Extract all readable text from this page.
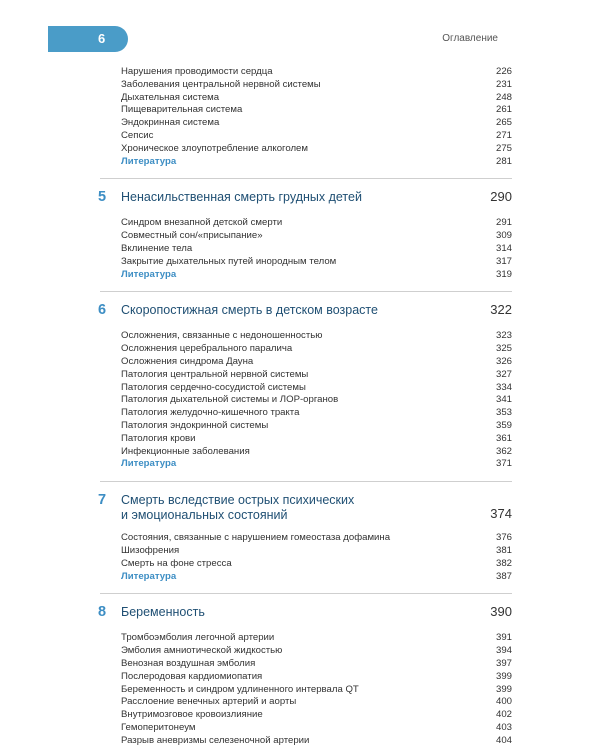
6	Оглавление
Нарушения проводимости сердца	226
Заболевания центральной нервной системы	231
Дыхательная система	248
Пищеварительная система	261
Эндокринная система	265
Сепсис	271
Хроническое злоупотребление алкоголем	275
Литература	281
5 Ненасильственная смерть грудных детей	290
Синдром внезапной детской смерти	291
Совместный сон/«присыпание»	309
Вклинение тела	314
Закрытие дыхательных путей инородным телом	317
Литература	319
6 Скоропостижная смерть в детском возрасте	322
Осложнения, связанные с недоношенностью	323
Осложнения церебрального паралича	325
Осложнения синдрома Дауна	326
Патология центральной нервной системы	327
Патология сердечно-сосудистой системы	334
Патология дыхательной системы и ЛОР-органов	341
Патология желудочно-кишечного тракта	353
Патология эндокринной системы	359
Патология крови	361
Инфекционные заболевания	362
Литература	371
7 Смерть вследствие острых психических
и эмоциональных состояний	374
Состояния, связанные с нарушением гомеостаза дофамина	376
Шизофрения	381
Смерть на фоне стресса	382
Литература	387
8 Беременность	390
Тромбоэмболия легочной артерии	391
Эмболия амниотической жидкостью	394
Венозная воздушная эмболия	397
Послеродовая кардиомиопатия	399
Беременность и синдром удлиненного интервала QT	399
Расслоение венечных артерий и аорты	400
Внутримозговое кровоизлияние	402
Гемоперитонеум	403
Разрыв аневризмы селезеночной артерии	404
